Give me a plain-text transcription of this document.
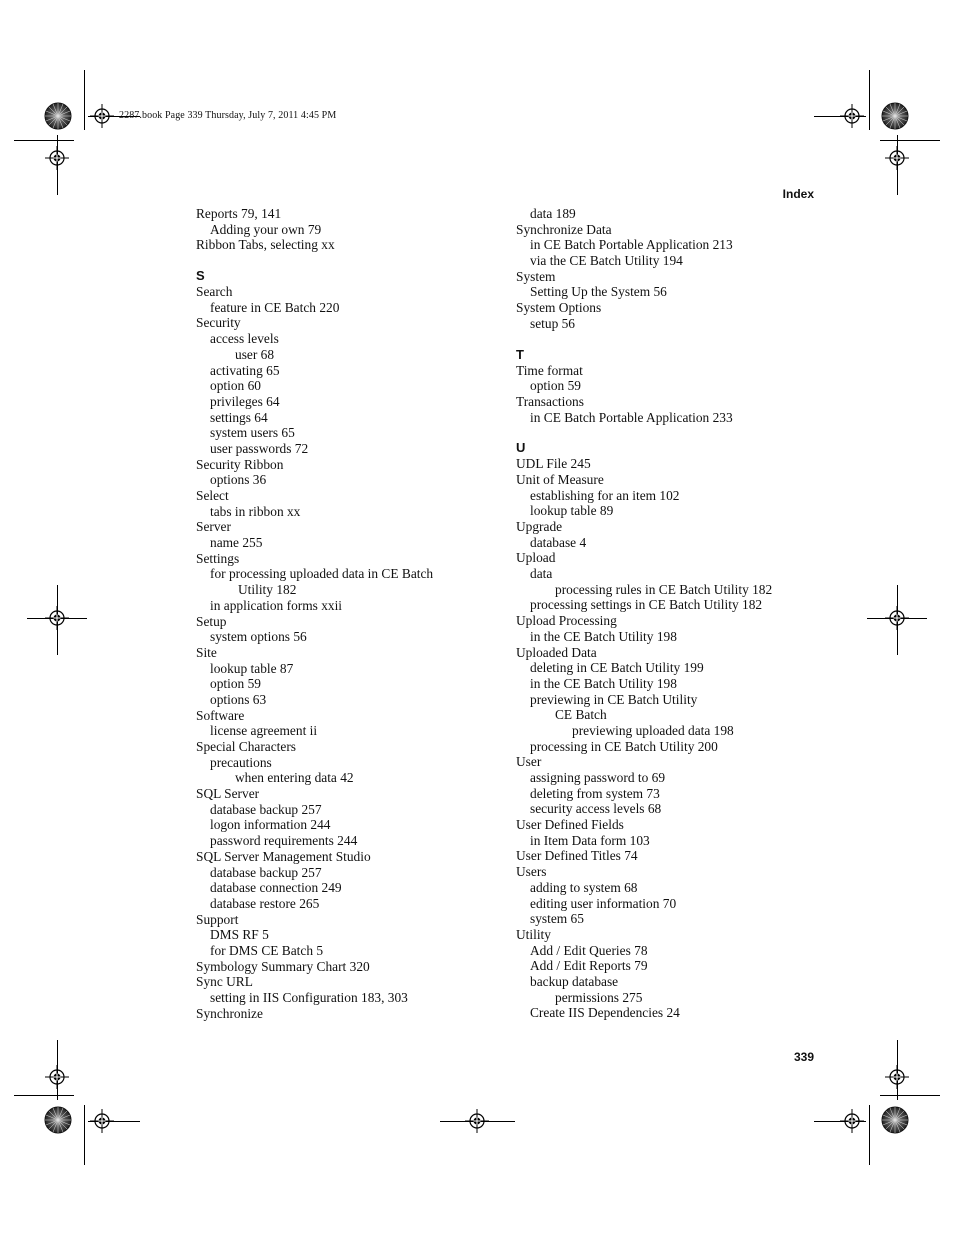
2287.book Page 339 Thursday, July 7, 2011 4:45 PM
Index
Reports 79, 141
Adding your own 79
Ribbon Tabs, selecting xx
S
Search
feature in CE Batch 220
Security
access levels
user 68
activating 65
option 60
privileges 64
settings 64
system users 65
user passwords 72
Security Ribbon
options 36
Select
tabs in ribbon xx
Server
name 255
Settings
for processing uploaded data in CE Batch
Utility 182
in application forms xxii
Setup
system options 56
Site
lookup table 87
option 59
options 63
Software
license agreement ii
Special Characters
precautions
when entering data 42
SQL Server
database backup 257
logon information 244
password requirements 244
SQL Server Management Studio
database backup 257
database connection 249
database restore 265
Support
DMS RF 5
for DMS CE Batch 5
Symbology Summary Chart 320
Sync URL
setting in IIS Configuration 183, 303
Synchronize
data 189
Synchronize Data
in CE Batch Portable Application 213
via the CE Batch Utility 194
System
Setting Up the System 56
System Options
setup 56
T
Time format
option 59
Transactions
in CE Batch Portable Application 233
U
UDL File 245
Unit of Measure
establishing for an item 102
lookup table 89
Upgrade
database 4
Upload
data
processing rules in CE Batch Utility 182
processing settings in CE Batch Utility 182
Upload Processing
in the CE Batch Utility 198
Uploaded Data
deleting in CE Batch Utility 199
in the CE Batch Utility 198
previewing in CE Batch Utility
CE Batch
previewing uploaded data 198
processing in CE Batch Utility 200
User
assigning password to 69
deleting from system 73
security access levels 68
User Defined Fields
in Item Data form 103
User Defined Titles 74
Users
adding to system 68
editing user information 70
system 65
Utility
Add / Edit Queries 78
Add / Edit Reports 79
backup database
permissions 275
Create IIS Dependencies 24
339
